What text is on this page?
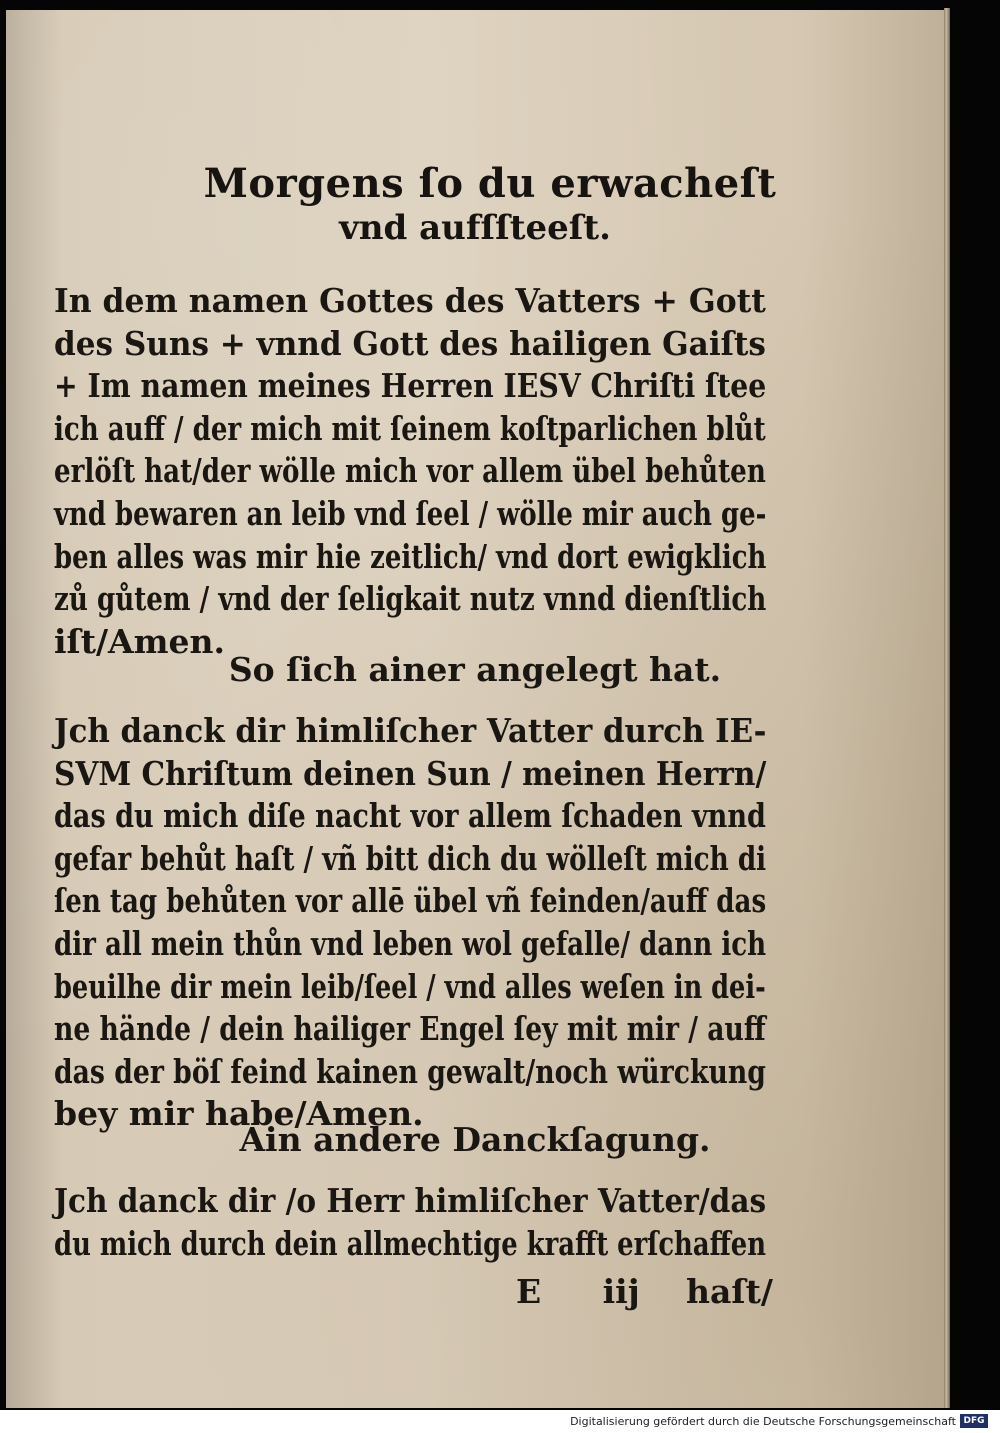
Morgens ſo du erwacheſt
vnd aufſſteeſt.
In dem namen Gottes des Vatters + Gott
des Suns + vnnd Gott des hailigen Gaiſts
+ Im namen meines Herren IESV Chriſti ſtee
ich auff / der mich mit ſeinem koſtparlichen blůt
erlöſt hat/der wölle mich vor allem übel behůten
vnd bewaren an leib vnd ſeel / wölle mir auch ge-
ben alles was mir hie zeitlich/ vnd dort ewigklich
zů gůtem / vnd der ſeligkait nutz vnnd dienſtlich
iſt/Amen.
So ſich ainer angelegt hat.
Jch danck dir himliſcher Vatter durch IE-
SVM Chriſtum deinen Sun / meinen Herrn/
das du mich diſe nacht vor allem ſchaden vnnd
gefar behůt haſt / vñ bitt dich du wölleſt mich di
ſen tag behůten vor allē übel vñ feinden/auff das
dir all mein thůn vnd leben wol gefalle/ dann ich
beuilhe dir mein leib/ſeel / vnd alles weſen in dei-
ne hände / dein hailiger Engel ſey mit mir / auff
das der böſ feind kainen gewalt/noch würckung
bey mir habe/Amen.
Ain andere Danckſagung.
Jch danck dir /o Herr himliſcher Vatter/das
du mich durch dein allmechtige krafft erſchaffen
E iij haſt/
Digitalisierung gefördert durch die Deutsche Forschungsgemeinschaft DFG
